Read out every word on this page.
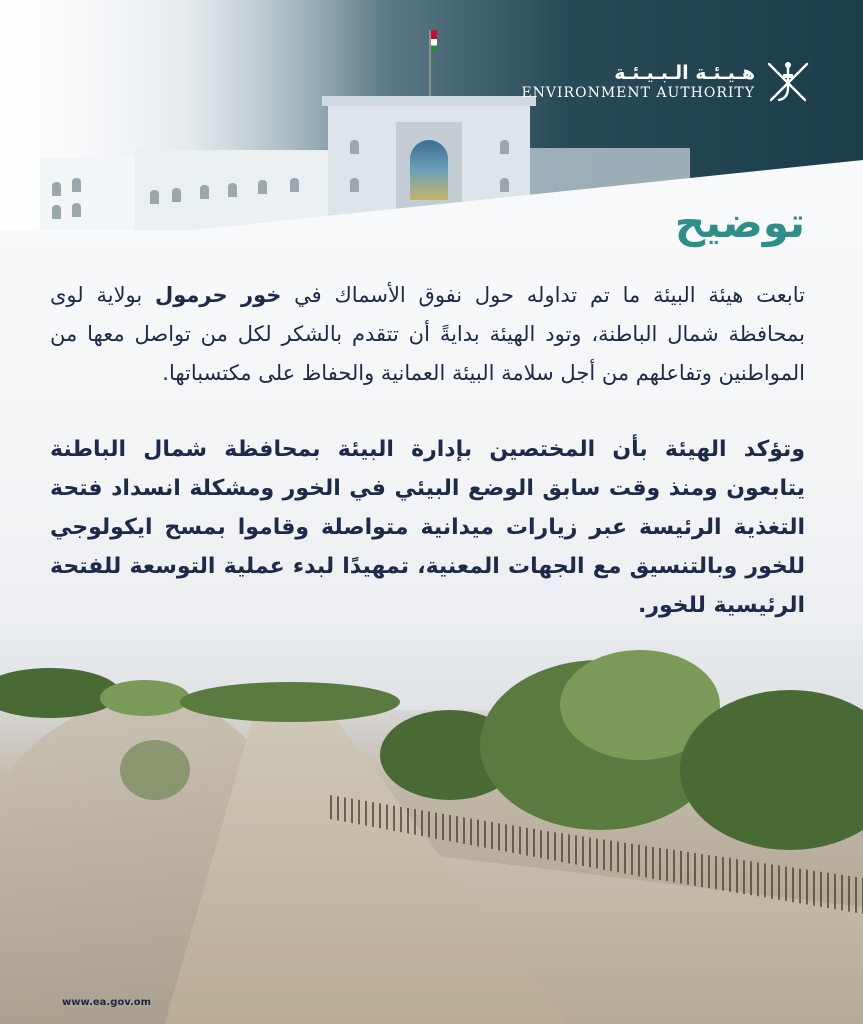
هـيـئـة الـبـيـئـة
ENVIRONMENT AUTHORITY
توضيح

تابعت هيئة البيئة ما تم تداوله حول نفوق الأسماك في خور حرمول بولاية لوى بمحافظة شمال الباطنة، وتود الهيئة بدايةً أن تتقدم بالشكر لكل من تواصل معها من المواطنين وتفاعلهم من أجل سلامة البيئة العمانية والحفاظ على مكتسباتها.

وتؤكد الهيئة بأن المختصين بإدارة البيئة بمحافظة شمال الباطنة يتابعون ومنذ وقت سابق الوضع البيئي في الخور ومشكلة انسداد فتحة التغذية الرئيسة عبر زيارات ميدانية متواصلة وقاموا بمسح ايكولوجي للخور وبالتنسيق مع الجهات المعنية، تمهيدًا لبدء عملية التوسعة للفتحة الرئيسية للخور.

www.ea.gov.om
